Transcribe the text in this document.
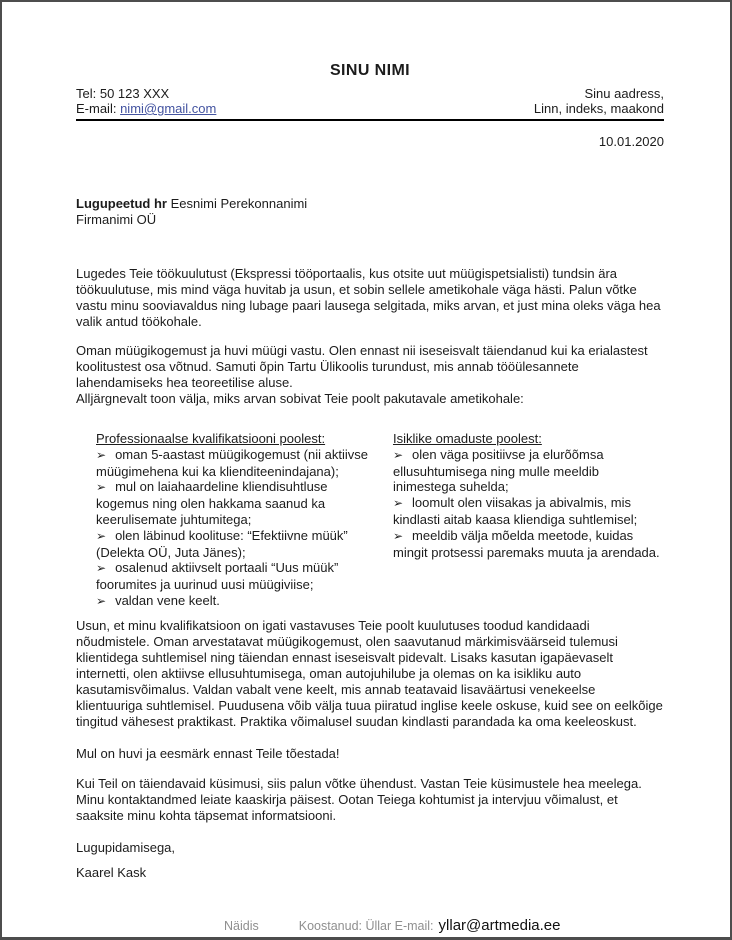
SINU NIMI
Tel: 50 123 XXX
E-mail: nimi@gmail.com
Sinu aadress,
Linn, indeks, maakond
10.01.2020
Lugupeetud hr Eesnimi Perekonnanimi
Firmanimi OÜ

Lugedes Teie töökuulutust (Ekspressi tööportaalis, kus otsite uut müügispetsialisti) tundsin ära töökuulutuse, mis mind väga huvitab ja usun, et sobin sellele ametikohale väga hästi. Palun võtke vastu minu sooviavaldus ning lubage paari lausega selgitada, miks arvan, et just mina oleks väga hea valik antud töökohale.

Oman müügikogemust ja huvi müügi vastu. Olen ennast nii iseseisvalt täiendanud kui ka erialastest koolitustest osa võtnud. Samuti õpin Tartu Ülikoolis turundust, mis annab tööülesannete lahendamiseks hea teoreetilise aluse.
Alljärgnevalt toon välja, miks arvan sobivat Teie poolt pakutavale ametikohale:
Professionaalse kvalifikatsiooni poolest:
➢ oman 5-aastast müügikogemust (nii aktiivse müügimehena kui ka klienditeenindajana);
➢ mul on laiahaardeline kliendisuhtluse kogemus ning olen hakkama saanud ka keerulisemate juhtumitega;
➢ olen läbinud koolituse: “Efektiivne müük” (Delekta OÜ, Juta Jänes);
➢ osalenud aktiivselt portaali “Uus müük” foorumites ja uurinud uusi müügiviise;
➢ valdan vene keelt.
Isiklike omaduste poolest:
➢ olen väga positiivse ja elurõõmsa ellusuhtumisega ning mulle meeldib inimestega suhelda;
➢ loomult olen viisakas ja abivalmis, mis kindlasti aitab kaasa kliendiga suhtlemisel;
➢ meeldib välja mõelda meetode, kuidas mingit protsessi paremaks muuta ja arendada.

Usun, et minu kvalifikatsioon on igati vastavuses Teie poolt kuulutuses toodud kandidaadi nõudmistele. Oman arvestatavat müügikogemust, olen saavutanud märkimisväärseid tulemusi klientidega suhtlemisel ning täiendan ennast iseseisvalt pidevalt. Lisaks kasutan igapäevaselt internetti, olen aktiivse ellusuhtumisega, oman autojuhilube ja olemas on ka isikliku auto kasutamisvõimalus. Valdan vabalt vene keelt, mis annab teatavaid lisaväärtusi venekeelse klientuuriga suhtlemisel. Puudusena võib välja tuua piiratud inglise keele oskuse, kuid see on eelkõige tingitud vähesest praktikast. Praktika võimalusel suudan kindlasti parandada ka oma keeleoskust.

Mul on huvi ja eesmärk ennast Teile tõestada!

Kui Teil on täiendavaid küsimusi, siis palun võtke ühendust. Vastan Teie küsimustele hea meelega. Minu kontaktandmed leiate kaaskirja päisest. Ootan Teiega kohtumist ja intervjuu võimalust, et saaksite minu kohta täpsemat informatsiooni.

Lugupidamisega,
Kaarel Kask
Näidis	Koostanud: Üllar E-mail: yllar@artmedia.ee
